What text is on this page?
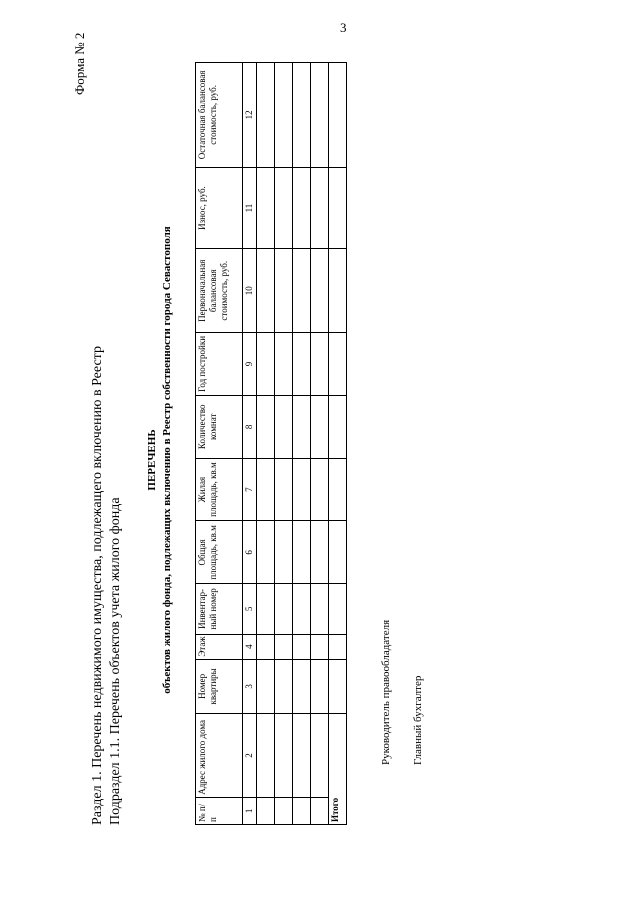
3
Форма № 2
Раздел 1. Перечень недвижимого имущества, подлежащего включению в Реестр Подраздел 1.1. Перечень объектов учета жилого фонда
ПЕРЕЧЕНЬ объектов жилого фонда, подлежащих включению в Реестр собственности города Севастополя
№ п/п	Адрес жилого дома	Номер квартиры	Этаж	Инвентар-ный номер	Общая площадь, кв.м	Жилая площадь, кв.м	Количество комнат	Год постройки	Первоначальная балансовая стоимость, руб.	Износ, руб.	Остаточная балансовая стоимость, руб.
1	2	3	4	5	6	7	8	9	10	11	12

Итого											
Руководитель правообладателя Главный бухгалтер
